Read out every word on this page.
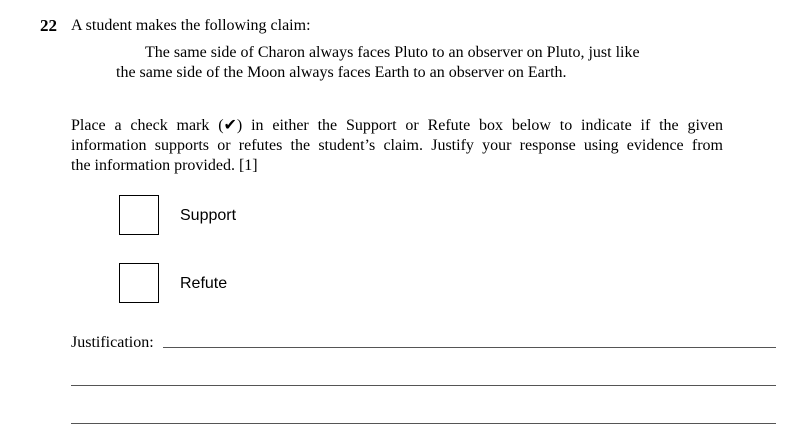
22 A student makes the following claim:
The same side of Charon always faces Pluto to an observer on Pluto, just like
the same side of the Moon always faces Earth to an observer on Earth.
Place a check mark (✔) in either the Support or Refute box below to indicate if the given
information supports or refutes the student’s claim. Justify your response using evidence from
the information provided. [1]
Support
Refute
Justification:
